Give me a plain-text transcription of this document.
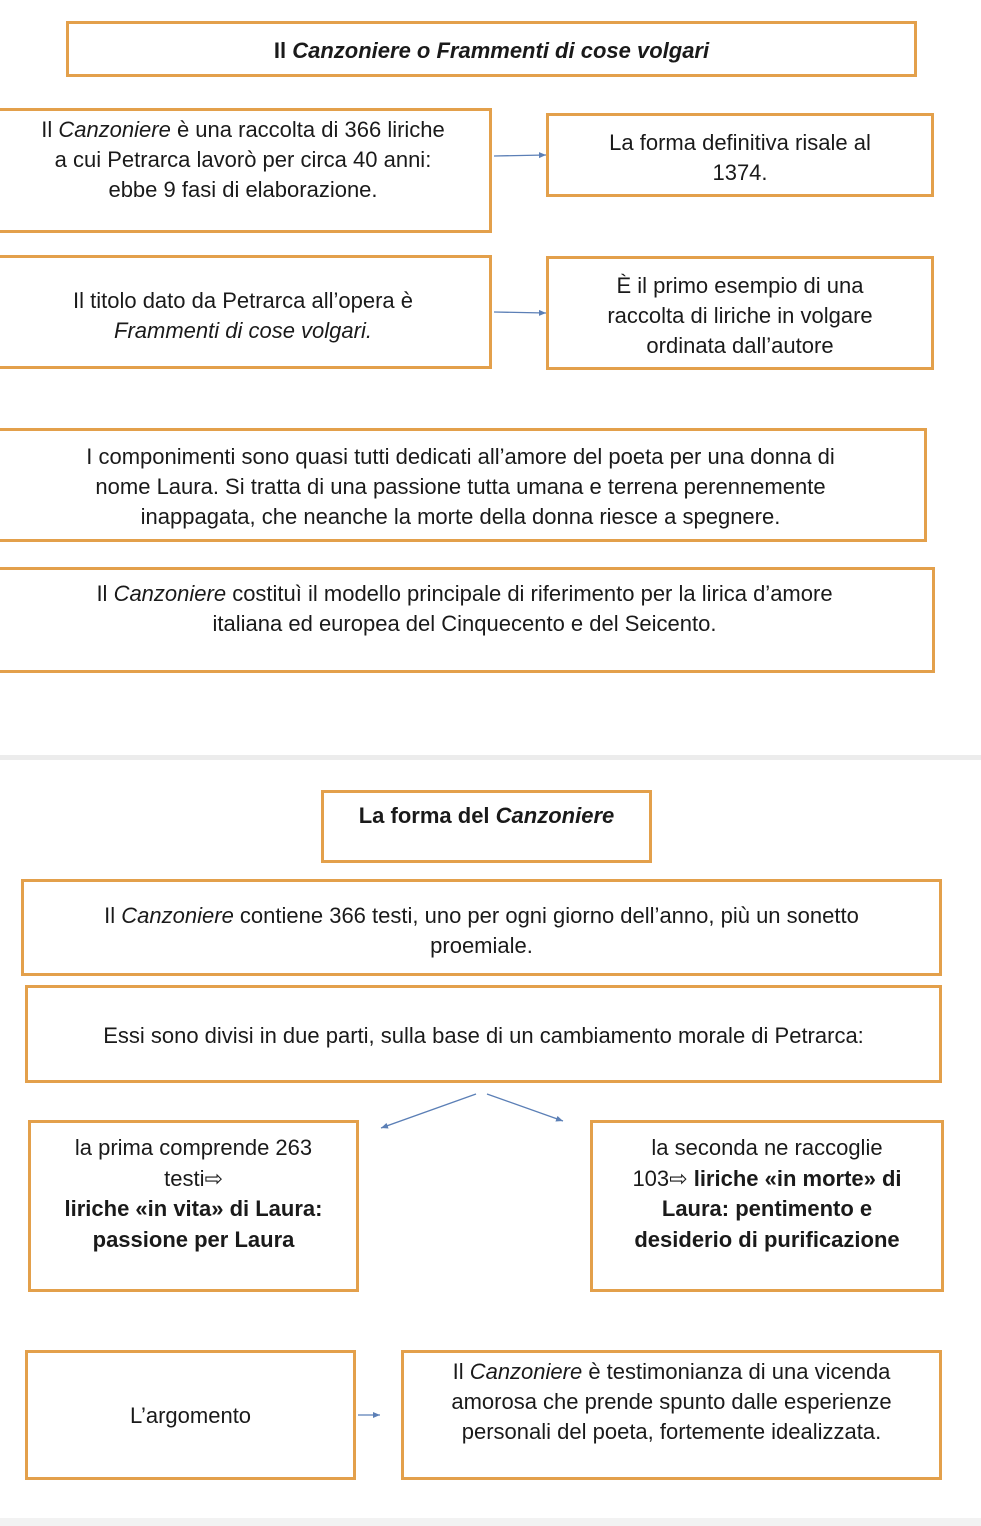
Il Canzoniere o Frammenti di cose volgari

Il Canzoniere è una raccolta di 366 liriche

a cui Petrarca lavorò per circa 40 anni:

ebbe 9 fasi di elaborazione.

La forma definitiva risale al

1374.

Il titolo dato da Petrarca all’opera è

Frammenti di cose volgari.

È il primo esempio di una

raccolta di liriche in volgare

ordinata dall’autore

I componimenti sono quasi tutti dedicati all’amore del poeta per una donna di

nome Laura. Si tratta di una passione tutta umana e terrena perennemente

inappagata, che neanche la morte della donna riesce a spegnere.

Il Canzoniere costituì il modello principale di riferimento per la lirica d’amore

italiana ed europea del Cinquecento e del Seicento.

La forma del Canzoniere

Il Canzoniere contiene 366 testi, uno per ogni giorno dell’anno, più un sonetto

proemiale.

Essi sono divisi in due parti, sulla base di un cambiamento morale di Petrarca:

la prima comprende 263

testi⇨

liriche «in vita» di Laura:

passione per Laura

la seconda ne raccoglie

103⇨ liriche «in morte» di

Laura: pentimento e

desiderio di purificazione

L’argomento

Il Canzoniere è testimonianza di una vicenda

amorosa che prende spunto dalle esperienze

personali del poeta, fortemente idealizzata.
